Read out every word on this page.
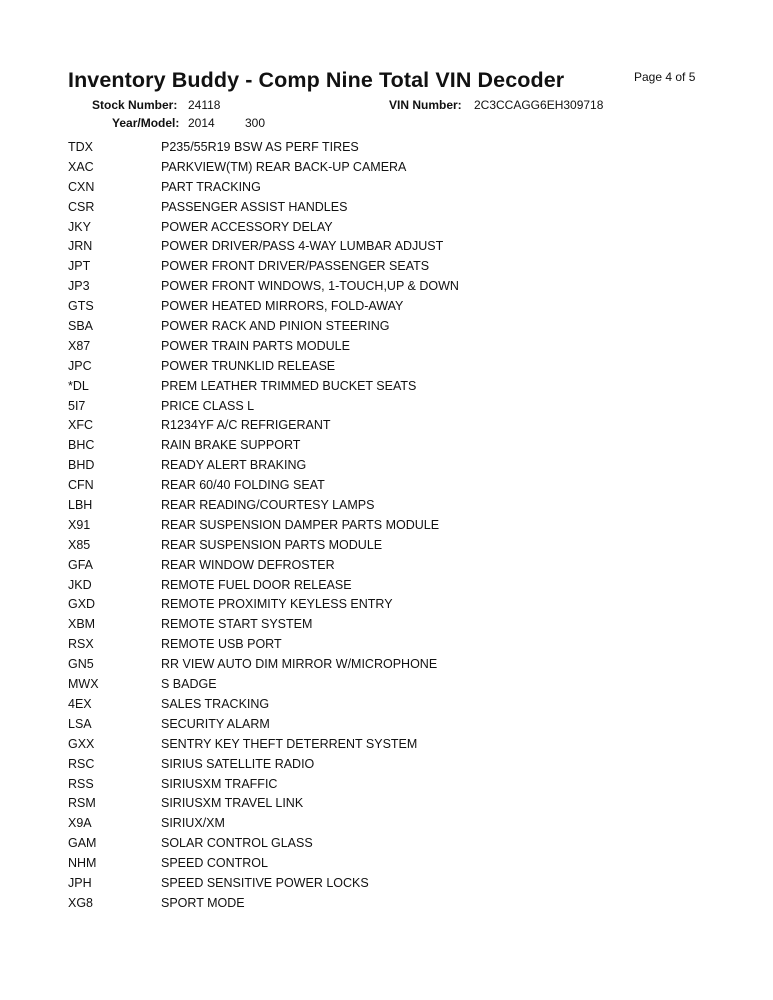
Inventory Buddy - Comp Nine Total VIN Decoder	Page 4 of 5
Stock Number: 24118	VIN Number: 2C3CCAGG6EH309718
Year/Model: 2014	300
TDX	P235/55R19 BSW AS PERF TIRES
XAC	PARKVIEW(TM) REAR BACK-UP CAMERA
CXN	PART TRACKING
CSR	PASSENGER ASSIST HANDLES
JKY	POWER ACCESSORY DELAY
JRN	POWER DRIVER/PASS 4-WAY LUMBAR ADJUST
JPT	POWER FRONT DRIVER/PASSENGER SEATS
JP3	POWER FRONT WINDOWS, 1-TOUCH,UP & DOWN
GTS	POWER HEATED MIRRORS, FOLD-AWAY
SBA	POWER RACK AND PINION STEERING
X87	POWER TRAIN PARTS MODULE
JPC	POWER TRUNKLID RELEASE
*DL	PREM LEATHER TRIMMED BUCKET SEATS
5I7	PRICE CLASS L
XFC	R1234YF A/C REFRIGERANT
BHC	RAIN BRAKE SUPPORT
BHD	READY ALERT BRAKING
CFN	REAR 60/40 FOLDING SEAT
LBH	REAR READING/COURTESY LAMPS
X91	REAR SUSPENSION DAMPER PARTS MODULE
X85	REAR SUSPENSION PARTS MODULE
GFA	REAR WINDOW DEFROSTER
JKD	REMOTE FUEL DOOR RELEASE
GXD	REMOTE PROXIMITY KEYLESS ENTRY
XBM	REMOTE START SYSTEM
RSX	REMOTE USB PORT
GN5	RR VIEW AUTO DIM MIRROR W/MICROPHONE
MWX	S BADGE
4EX	SALES TRACKING
LSA	SECURITY ALARM
GXX	SENTRY KEY THEFT DETERRENT SYSTEM
RSC	SIRIUS SATELLITE RADIO
RSS	SIRIUSXM TRAFFIC
RSM	SIRIUSXM TRAVEL LINK
X9A	SIRIUX/XM
GAM	SOLAR CONTROL GLASS
NHM	SPEED CONTROL
JPH	SPEED SENSITIVE POWER LOCKS
XG8	SPORT MODE
